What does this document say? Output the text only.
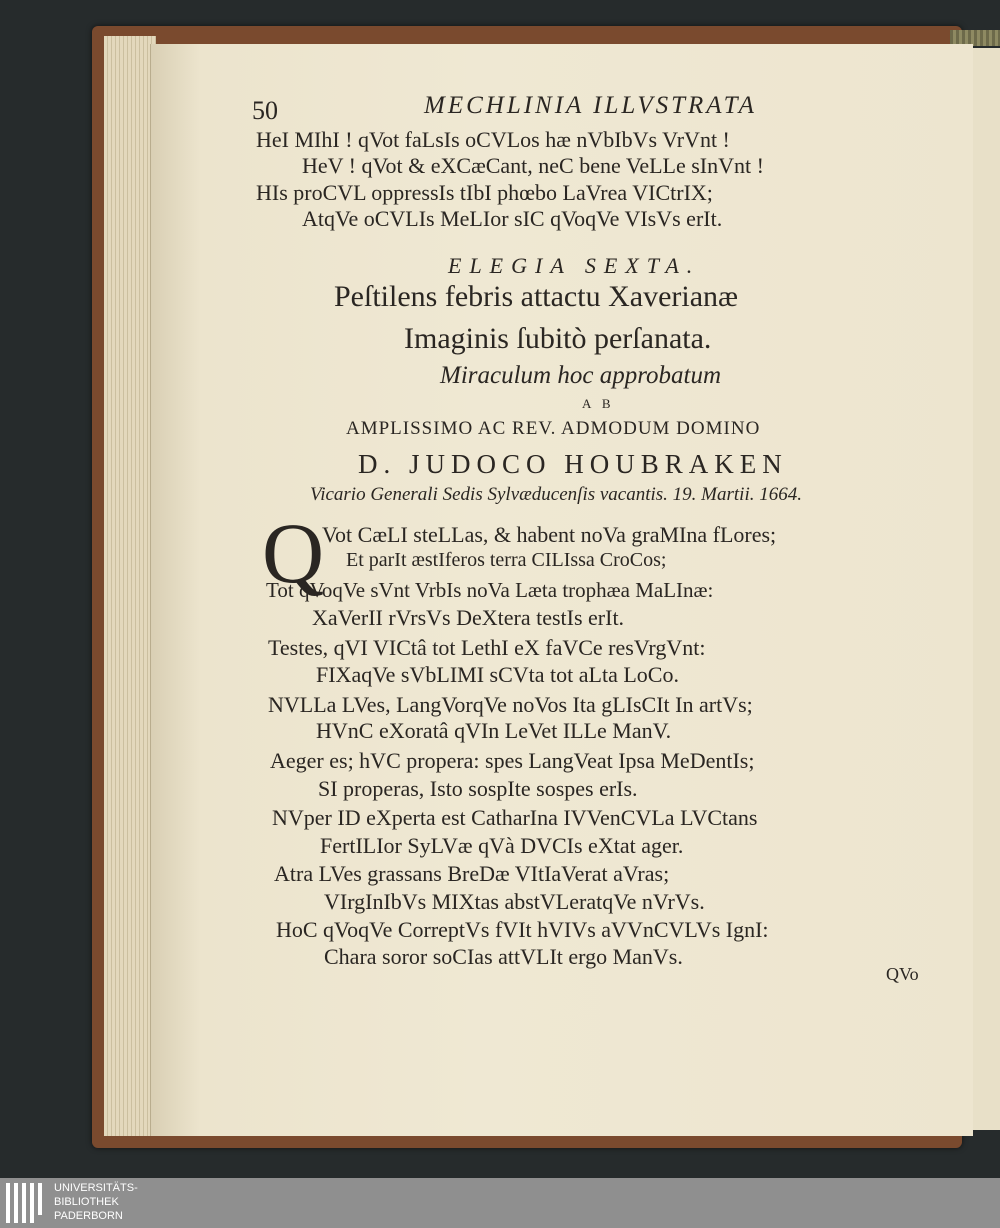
50	MECHLINIA ILLVSTRATA
HeI MIhI ! qVot faLsIs oCVLos hæ nVbIbVs VrVnt !
HeV ! qVot & eXCæCant, neC bene VeLLe sInVnt !
HIs proCVL oppressIs tIbI phœbo LaVrea VICtrIX;
AtqVe oCVLIs MeLIor sIC qVoqVe VIsVs erIt.
ELEGIA SEXTA.
Peſtilens febris attactu Xaverianæ
Imaginis ſubitò perſanata.
Miraculum hoc approbatum
A B
AMPLISSIMO AC REV. ADMODUM DOMINO
D. JUDOCO HOUBRAKEN
Vicario Generali Sedis Sylvæducenſis vacantis. 19. Martii. 1664.
Q
Vot CæLI steLLas, & habent noVa graMIna fLores;
Et parIt æstIferos terra CILIssa CroCos;
Tot qVoqVe sVnt VrbIs noVa Læta trophæa MaLInæ:
XaVerII rVrsVs DeXtera testIs erIt.
Testes, qVI VICtâ tot LethI eX faVCe resVrgVnt:
FIXaqVe sVbLIMI sCVta tot aLta LoCo.
NVLLa LVes, LangVorqVe noVos Ita gLIsCIt In artVs;
HVnC eXoratâ qVIn LeVet ILLe ManV.
Aeger es; hVC propera: spes LangVeat Ipsa MeDentIs;
SI properas, Isto sospIte sospes erIs.
NVper ID eXperta est CatharIna IVVenCVLa LVCtans
FertILIor SyLVæ qVà DVCIs eXtat ager.
Atra LVes grassans BreDæ VItIaVerat aVras;
VIrgInIbVs MIXtas abstVLeratqVe nVrVs.
HoC qVoqVe CorreptVs fVIt hVIVs aVVnCVLVs IgnI:
Chara soror soCIas attVLIt ergo ManVs.
QVo
UNIVERSITÄTS-
BIBLIOTHEK
PADERBORN
